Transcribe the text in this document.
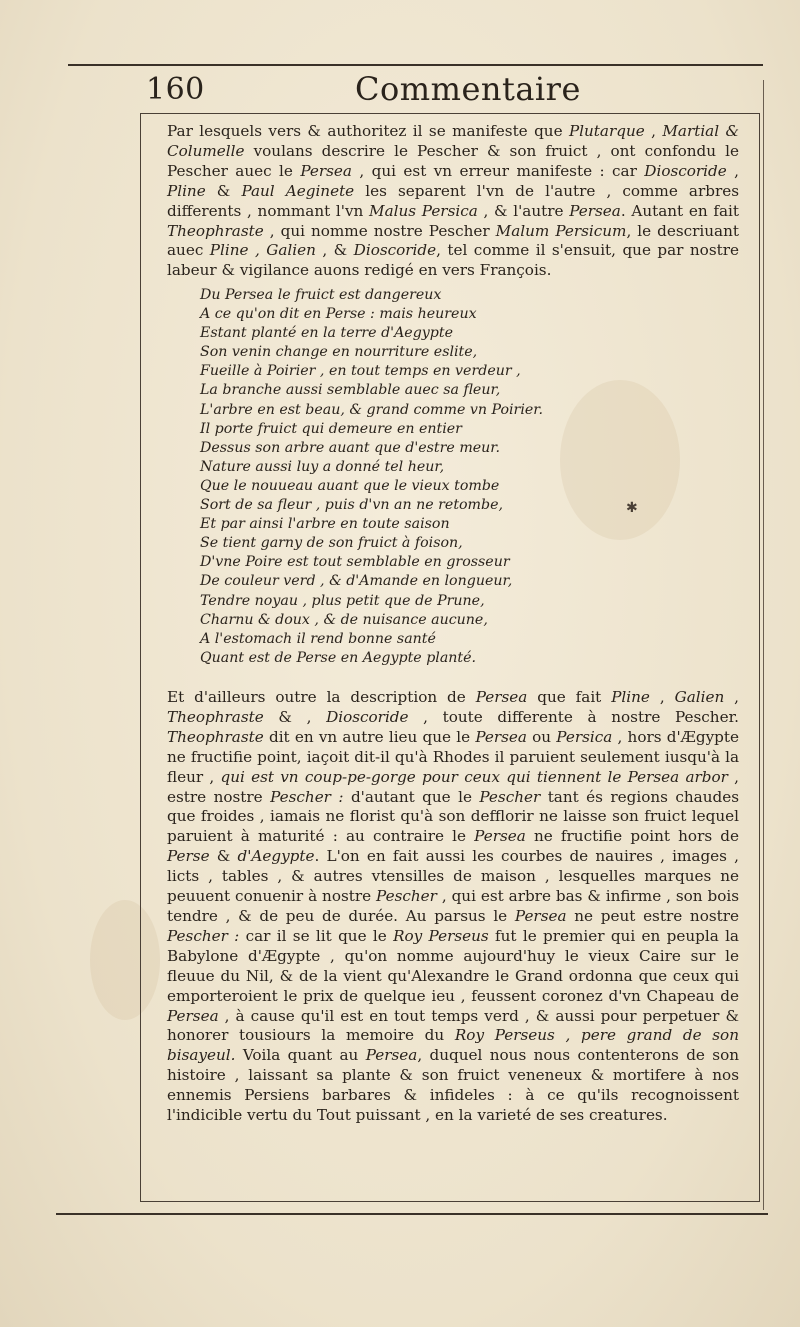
160	Commentaire
Par lesquels vers & authoritez il se manifeste que Plutarque , Martial & Columelle voulans descrire le Pescher & son fruict , ont confondu le Pescher auec le Persea , qui est vn erreur manifeste : car Dioscoride , Pline & Paul Aeginete les separent l'vn de l'autre , comme arbres differents , nommant l'vn Malus Persica , & l'autre Persea. Autant en fait Theophraste , qui nomme nostre Pescher Malum Persicum, le descriuant auec Pline , Galien , & Dioscoride, tel comme il s'ensuit, que par nostre labeur & vigilance auons redigé en vers François.
Du Persea le fruict est dangereux
A ce qu'on dit en Perse : mais heureux
Estant planté en la terre d'Aegypte
Son venin change en nourriture eslite,
Fueille à Poirier , en tout temps en verdeur ,
La branche aussi semblable auec sa fleur,
L'arbre en est beau, & grand comme vn Poirier.
Il porte fruict qui demeure en entier
Dessus son arbre auant que d'estre meur.
Nature aussi luy a donné tel heur,
Que le nouueau auant que le vieux tombe
Sort de sa fleur , puis d'vn an ne retombe,
Et par ainsi l'arbre en toute saison
Se tient garny de son fruict à foison,
D'vne Poire est tout semblable en grosseur
De couleur verd , & d'Amande en longueur,
Tendre noyau , plus petit que de Prune,
Charnu & doux , & de nuisance aucune,
A l'estomach il rend bonne santé
Quant est de Perse en Aegypte planté.
✱
Et d'ailleurs outre la description de Persea que fait Pline , Galien , Theophraste & , Dioscoride , toute differente à nostre Pescher. Theophraste dit en vn autre lieu que le Persea ou Persica , hors d'Ægypte ne fructifie point, iaçoit dit-il qu'à Rhodes il paruient seulement iusqu'à la fleur , qui est vn coup-pe-gorge pour ceux qui tiennent le Persea arbor , estre nostre Pescher : d'autant que le Pescher tant és regions chaudes que froides , iamais ne florist qu'à son defflorir ne laisse son fruict lequel paruient à maturité : au contraire le Persea ne fructifie point hors de Perse & d'Aegypte. L'on en fait aussi les courbes de nauires , images , licts , tables , & autres vtensilles de maison , lesquelles marques ne peuuent conuenir à nostre Pescher , qui est arbre bas & infirme , son bois tendre , & de peu de durée. Au parsus le Persea ne peut estre nostre Pescher : car il se lit que le Roy Perseus fut le premier qui en peupla la Babylone d'Ægypte , qu'on nomme aujourd'huy le vieux Caire sur le fleuue du Nil, & de la vient qu'Alexandre le Grand ordonna que ceux qui emporteroient le prix de quelque ieu , feussent coronez d'vn Chapeau de Persea , à cause qu'il est en tout temps verd , & aussi pour perpetuer & honorer tousiours la memoire du Roy Perseus , pere grand de son bisayeul. Voila quant au Persea, duquel nous nous contenterons de son histoire , laissant sa plante & son fruict veneneux & mortifere à nos ennemis Persiens barbares & infideles : à ce qu'ils recognoissent l'indicible vertu du Tout puissant , en la varieté de ses creatures.
